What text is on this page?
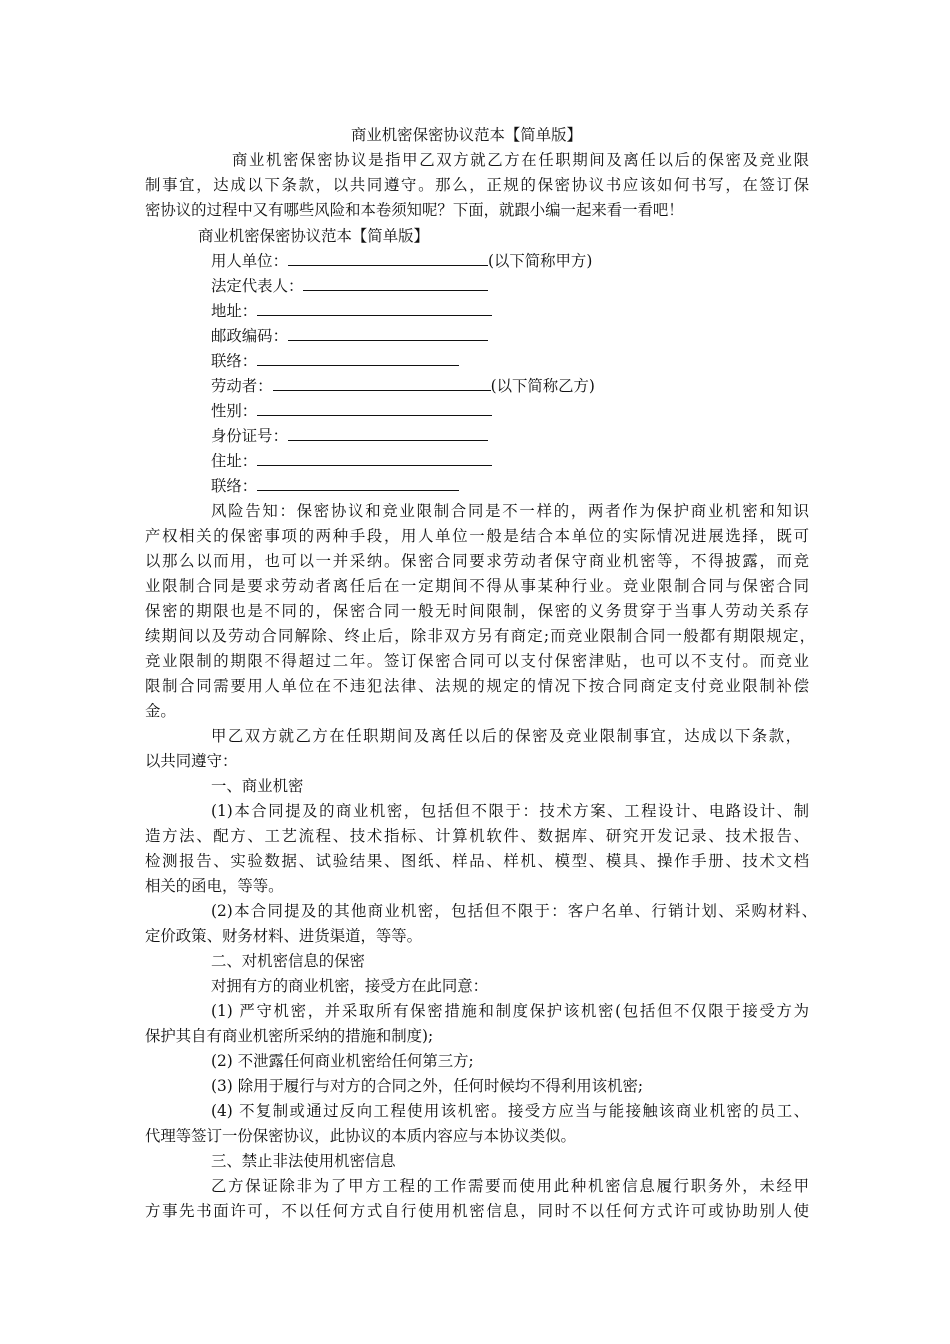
商业机密保密协议范本【简单版】
商业机密保密协议是指甲乙双方就乙方在任职期间及离任以后的保密及竞业限
制事宜，达成以下条款，以共同遵守。那么，正规的保密协议书应该如何书写，在签订保
密协议的过程中又有哪些风险和本卷须知呢？下面，就跟小编一起来看一看吧！
商业机密保密协议范本【简单版】
用人单位：	(以下简称甲方)
法定代表人：
地址：
邮政编码：
联络：
劳动者：	(以下简称乙方)
性别：
身份证号：
住址：
联络：
风险告知：保密协议和竞业限制合同是不一样的，两者作为保护商业机密和知识
产权相关的保密事项的两种手段，用人单位一般是结合本单位的实际情况进展选择，既可
以那么以而用，也可以一并采纳。保密合同要求劳动者保守商业机密等，不得披露，而竞
业限制合同是要求劳动者离任后在一定期间不得从事某种行业。竞业限制合同与保密合同
保密的期限也是不同的，保密合同一般无时间限制，保密的义务贯穿于当事人劳动关系存
续期间以及劳动合同解除、终止后，除非双方另有商定;而竞业限制合同一般都有期限规定，
竞业限制的期限不得超过二年。签订保密合同可以支付保密津贴，也可以不支付。而竞业
限制合同需要用人单位在不违犯法律、法规的规定的情况下按合同商定支付竞业限制补偿
金。
甲乙双方就乙方在任职期间及离任以后的保密及竞业限制事宜，达成以下条款，
以共同遵守：
一、商业机密
(1)本合同提及的商业机密，包括但不限于：技术方案、工程设计、电路设计、制
造方法、配方、工艺流程、技术指标、计算机软件、数据库、研究开发记录、技术报告、
检测报告、实验数据、试验结果、图纸、样品、样机、模型、模具、操作手册、技术文档
相关的函电，等等。
(2)本合同提及的其他商业机密，包括但不限于：客户名单、行销计划、采购材料、
定价政策、财务材料、进货渠道，等等。
二、对机密信息的保密
对拥有方的商业机密，接受方在此同意：
(1) 严守机密，并采取所有保密措施和制度保护该机密(包括但不仅限于接受方为
保护其自有商业机密所采纳的措施和制度);
(2) 不泄露任何商业机密给任何第三方;
(3) 除用于履行与对方的合同之外，任何时候均不得利用该机密;
(4) 不复制或通过反向工程使用该机密。接受方应当与能接触该商业机密的员工、
代理等签订一份保密协议，此协议的本质内容应与本协议类似。
三、禁止非法使用机密信息
乙方保证除非为了甲方工程的工作需要而使用此种机密信息履行职务外，未经甲
方事先书面许可，不以任何方式自行使用机密信息，同时不以任何方式许可或协助别人使
